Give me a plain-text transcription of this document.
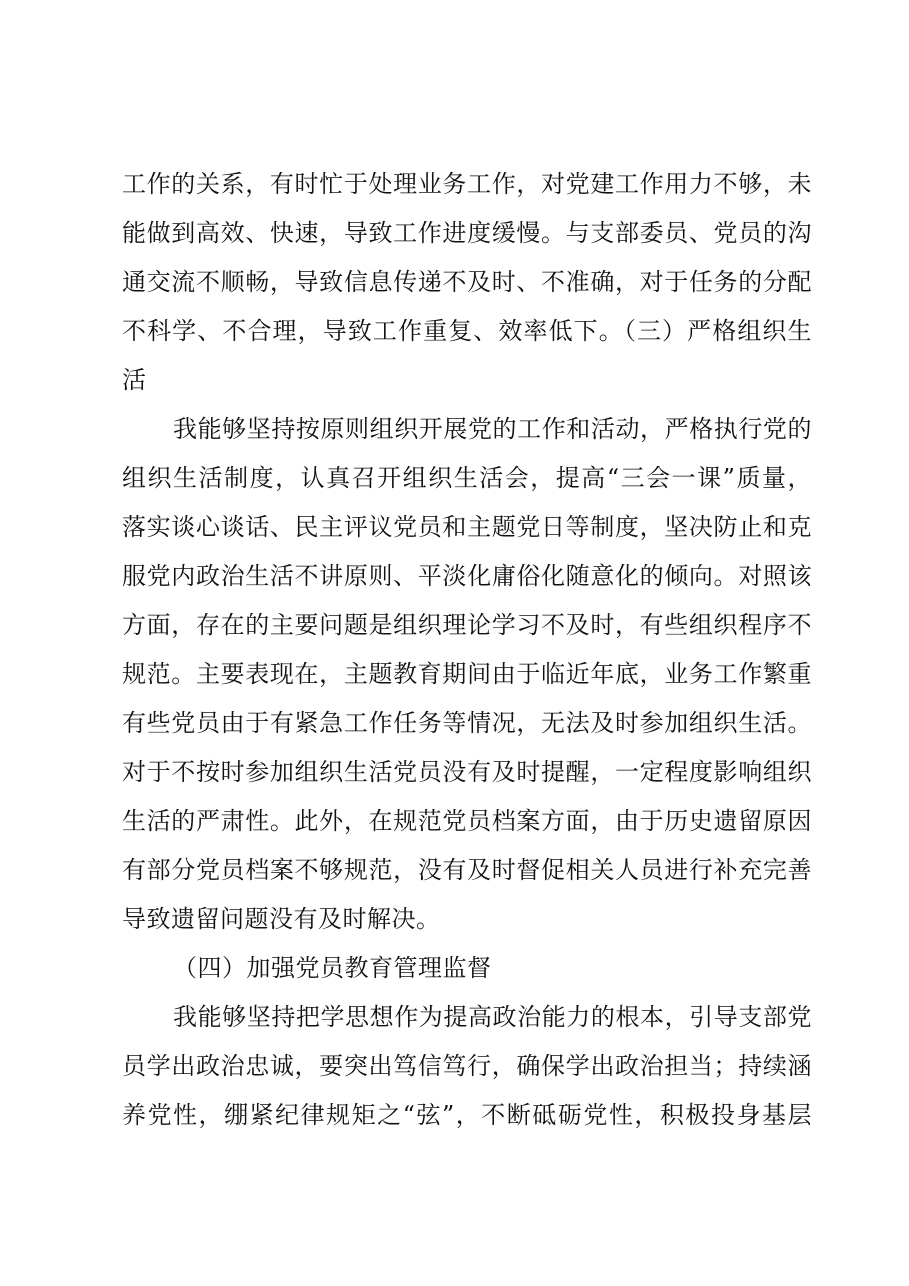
工作的关系，有时忙于处理业务工作，对党建工作用力不够，未
能做到高效、快速，导致工作进度缓慢。与支部委员、党员的沟
通交流不顺畅，导致信息传递不及时、不准确，对于任务的分配
不科学、不合理，导致工作重复、效率低下。（三）严格组织生
活
我能够坚持按原则组织开展党的工作和活动，严格执行党的
组织生活制度，认真召开组织生活会，提高“三会一课”质量，
落实谈心谈话、民主评议党员和主题党日等制度，坚决防止和克
服党内政治生活不讲原则、平淡化庸俗化随意化的倾向。对照该
方面，存在的主要问题是组织理论学习不及时，有些组织程序不
规范。主要表现在，主题教育期间由于临近年底，业务工作繁重
有些党员由于有紧急工作任务等情况，无法及时参加组织生活。
对于不按时参加组织生活党员没有及时提醒，一定程度影响组织
生活的严肃性。此外，在规范党员档案方面，由于历史遗留原因
有部分党员档案不够规范，没有及时督促相关人员进行补充完善
导致遗留问题没有及时解决。
（四）加强党员教育管理监督
我能够坚持把学思想作为提高政治能力的根本，引导支部党
员学出政治忠诚，要突出笃信笃行，确保学出政治担当；持续涵
养党性，绷紧纪律规矩之“弦”，不断砥砺党性，积极投身基层
